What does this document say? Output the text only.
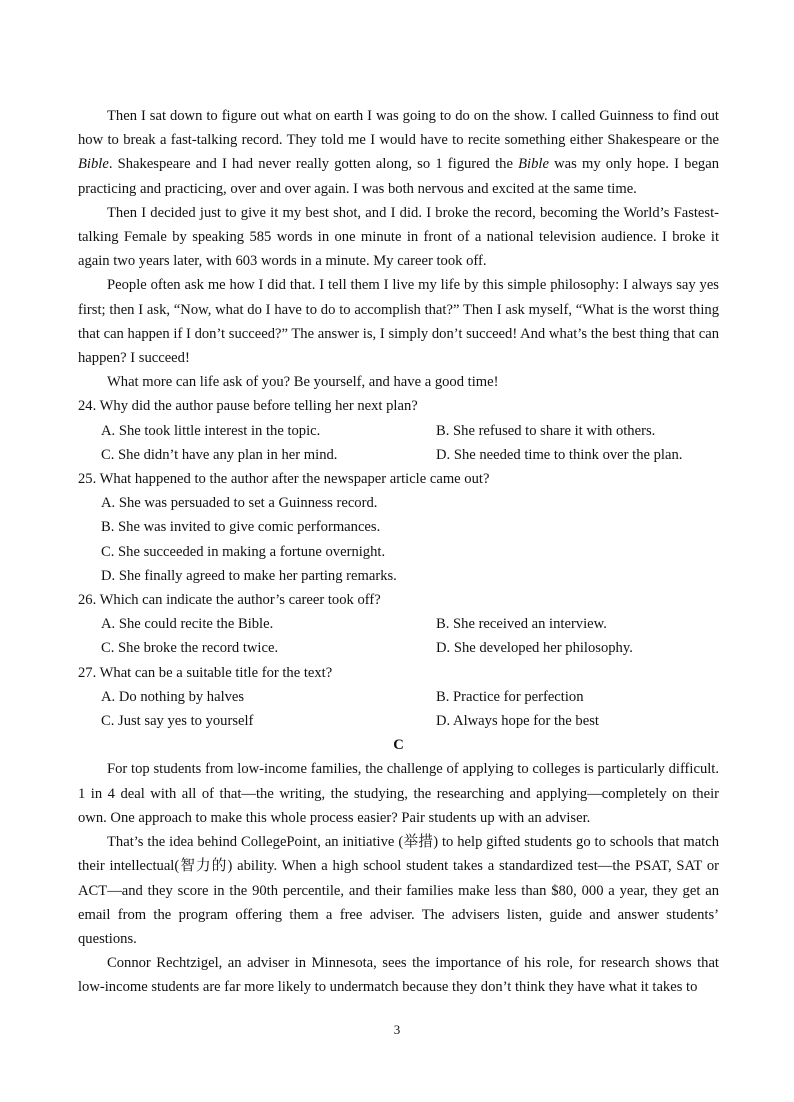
Then I sat down to figure out what on earth I was going to do on the show. I called Guinness to find out how to break a fast-talking record. They told me I would have to recite something either Shakespeare or the Bible. Shakespeare and I had never really gotten along, so 1 figured the Bible was my only hope. I began practicing and practicing, over and over again. I was both nervous and excited at the same time.

Then I decided just to give it my best shot, and I did. I broke the record, becoming the World’s Fastest-talking Female by speaking 585 words in one minute in front of a national television audience. I broke it again two years later, with 603 words in a minute. My career took off.

People often ask me how I did that. I tell them I live my life by this simple philosophy: I always say yes first; then I ask, “Now, what do I have to do to accomplish that?” Then I ask myself, “What is the worst thing that can happen if I don’t succeed?” The answer is, I simply don’t succeed! And what’s the best thing that can happen? I succeed!

What more can life ask of you? Be yourself, and have a good time!

24. Why did the author pause before telling her next plan?

A. She took little interest in the topic.	B. She refused to share it with others.
C. She didn’t have any plan in her mind.	D. She needed time to think over the plan.

25. What happened to the author after the newspaper article came out?

A. She was persuaded to set a Guinness record.

B. She was invited to give comic performances.

C. She succeeded in making a fortune overnight.

D. She finally agreed to make her parting remarks.

26. Which can indicate the author’s career took off?

A. She could recite the Bible.	B. She received an interview.
C. She broke the record twice.	D. She developed her philosophy.

27. What can be a suitable title for the text?

A. Do nothing by halves	B. Practice for perfection
C. Just say yes to yourself	D. Always hope for the best

C

For top students from low-income families, the challenge of applying to colleges is particularly difficult. 1 in 4 deal with all of that—the writing, the studying, the researching and applying—completely on their own. One approach to make this whole process easier? Pair students up with an adviser.

That’s the idea behind CollegePoint, an initiative (举措) to help gifted students go to schools that match their intellectual(智力的) ability. When a high school student takes a standardized test—the PSAT, SAT or ACT—and they score in the 90th percentile, and their families make less than $80, 000 a year, they get an email from the program offering them a free adviser. The advisers listen, guide and answer students’ questions.

Connor Rechtzigel, an adviser in Minnesota, sees the importance of his role, for research shows that low-income students are far more likely to undermatch because they don’t think they have what it takes to

3
